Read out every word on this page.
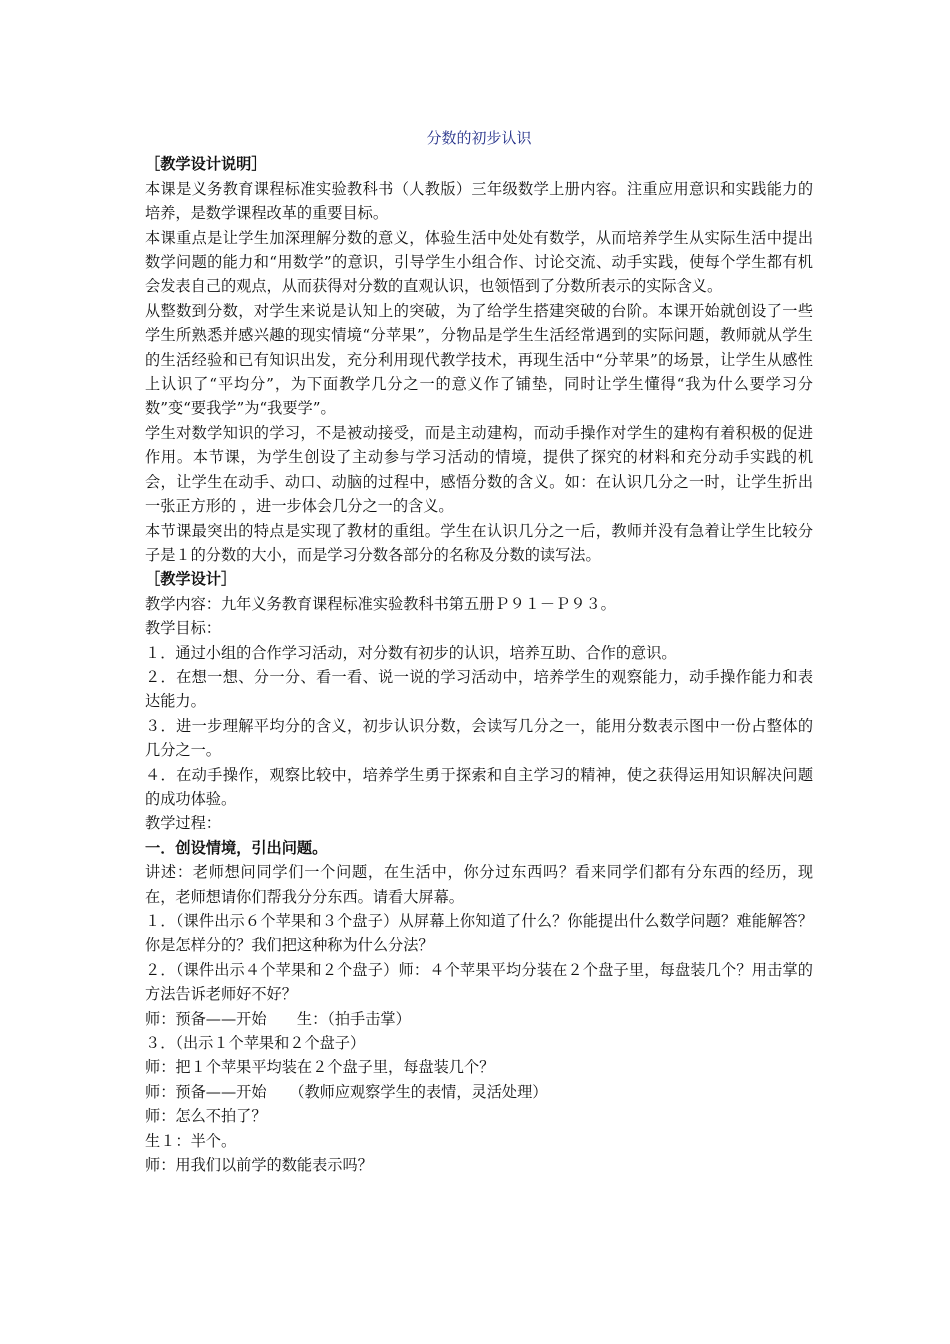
分数的初步认识

［教学设计说明］

本课是义务教育课程标准实验教科书（人教版）三年级数学上册内容。注重应用意识和实践能力的培养，是数学课程改革的重要目标。

本课重点是让学生加深理解分数的意义，体验生活中处处有数学，从而培养学生从实际生活中提出数学问题的能力和“用数学”的意识，引导学生小组合作、讨论交流、动手实践，使每个学生都有机会发表自己的观点，从而获得对分数的直观认识，也领悟到了分数所表示的实际含义。

从整数到分数，对学生来说是认知上的突破，为了给学生搭建突破的台阶。本课开始就创设了一些学生所熟悉并感兴趣的现实情境“分苹果”，分物品是学生生活经常遇到的实际问题，教师就从学生的生活经验和已有知识出发，充分利用现代教学技术，再现生活中“分苹果”的场景，让学生从感性上认识了“平均分”，为下面教学几分之一的意义作了铺垫，同时让学生懂得“我为什么要学习分数”变“要我学”为“我要学”。

学生对数学知识的学习，不是被动接受，而是主动建构，而动手操作对学生的建构有着积极的促进作用。本节课，为学生创设了主动参与学习活动的情境，提供了探究的材料和充分动手实践的机会，让学生在动手、动口、动脑的过程中，感悟分数的含义。如：在认识几分之一时，让学生折出一张正方形的 ，进一步体会几分之一的含义。

本节课最突出的特点是实现了教材的重组。学生在认识几分之一后，教师并没有急着让学生比较分子是１的分数的大小，而是学习分数各部分的名称及分数的读写法。

［教学设计］

教学内容：九年义务教育课程标准实验教科书第五册Ｐ９１－Ｐ９３。

教学目标：

１．通过小组的合作学习活动，对分数有初步的认识，培养互助、合作的意识。

２．在想一想、分一分、看一看、说一说的学习活动中，培养学生的观察能力，动手操作能力和表达能力。

３．进一步理解平均分的含义，初步认识分数，会读写几分之一，能用分数表示图中一份占整体的几分之一。

４．在动手操作，观察比较中，培养学生勇于探索和自主学习的精神，使之获得运用知识解决问题的成功体验。

教学过程：

一．创设情境，引出问题。

讲述：老师想问同学们一个问题，在生活中，你分过东西吗？看来同学们都有分东西的经历，现在，老师想请你们帮我分分东西。请看大屏幕。

１．（课件出示６个苹果和３个盘子）从屏幕上你知道了什么？你能提出什么数学问题？难能解答？你是怎样分的？我们把这种称为什么分法？

２．（课件出示４个苹果和２个盘子）师：４个苹果平均分装在２个盘子里，每盘装几个？用击掌的方法告诉老师好不好？

师：预备——开始　　生：（拍手击掌）

３．（出示１个苹果和２个盘子）

师：把１个苹果平均装在２个盘子里，每盘装几个？

师：预备——开始　　（教师应观察学生的表情，灵活处理）

师：怎么不拍了？

生１：半个。

师：用我们以前学的数能表示吗？
